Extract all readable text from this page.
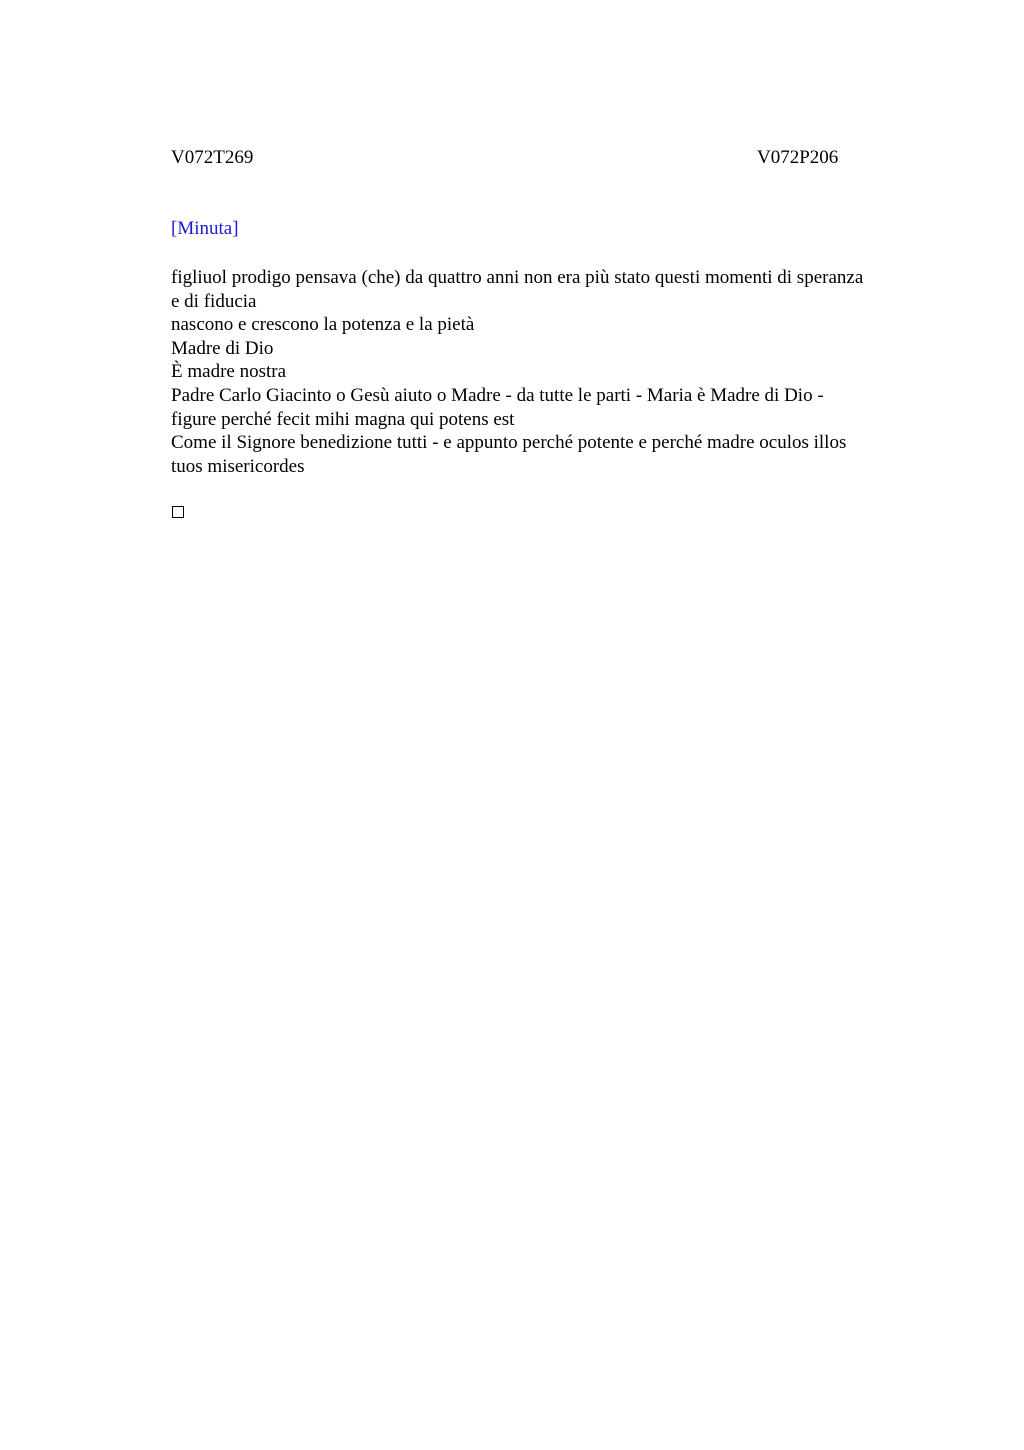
V072T269	V072P206
[Minuta]
figliuol prodigo pensava (che) da quattro anni non era più stato questi momenti di speranza
e di fiducia
nascono e crescono la potenza e la pietà
Madre di Dio
È madre nostra
Padre Carlo Giacinto o Gesù aiuto o Madre - da tutte le parti - Maria è Madre di Dio -
figure perché fecit mihi magna qui potens est
Come il Signore benedizione tutti - e appunto perché potente e perché madre oculos illos
tuos misericordes
